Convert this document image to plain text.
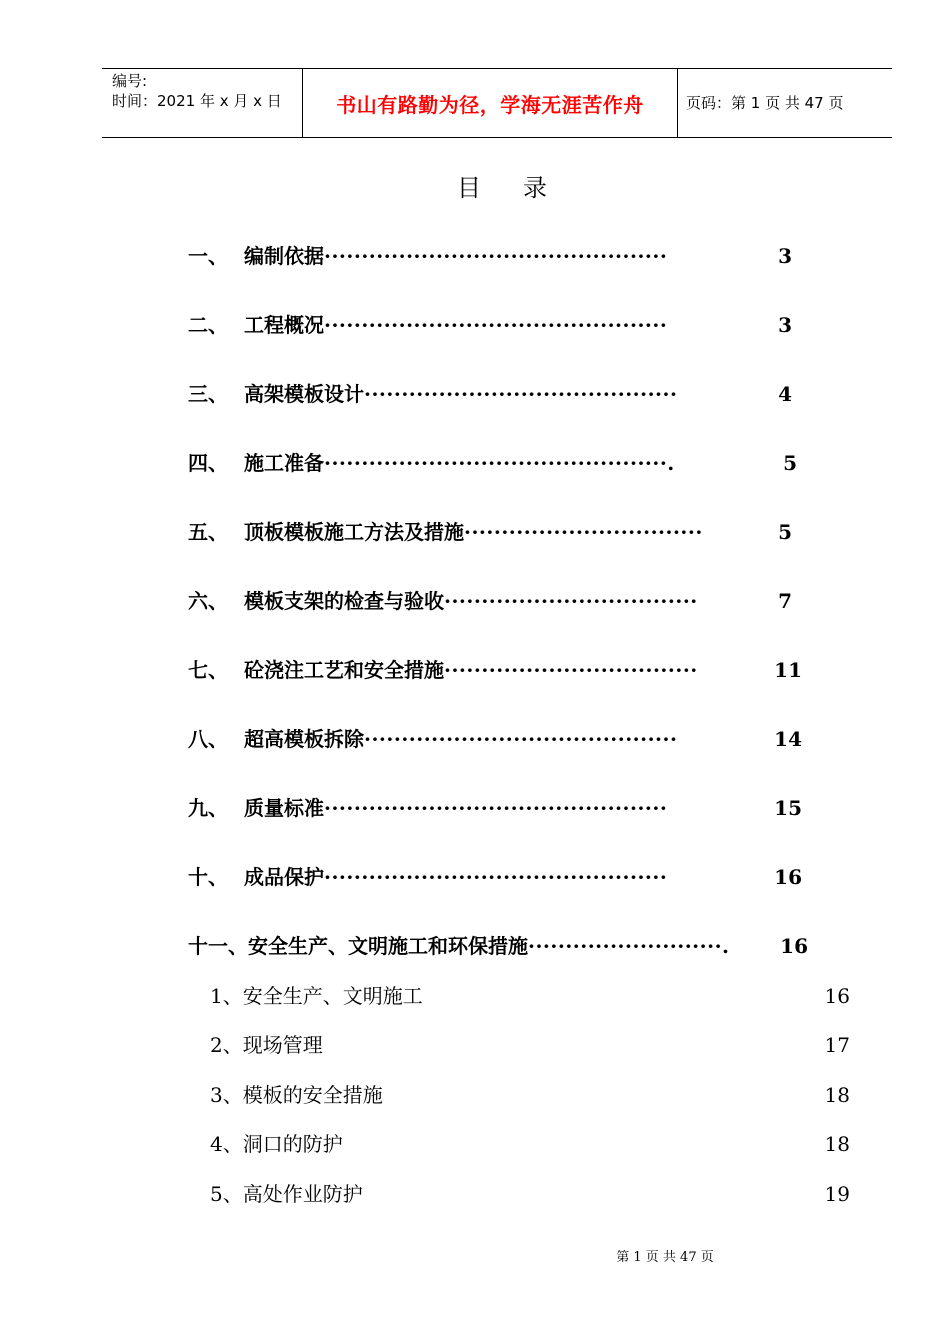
编号:
时间：2021 年 x 月 x 日	书山有路勤为径，学海无涯苦作舟	页码：第 1 页 共 47 页
目录
一、 编制依据 ··············································	3
二、 工程概况 ··············································	3
三、 高架模板设计 ··········································	4
四、 施工准备 ··············································.	5
五、 顶板模板施工方法及措施 ································	5
六、 模板支架的检查与验收 ··································	7
七、 砼浇注工艺和安全措施 ··································	11
八、 超高模板拆除 ··········································	14
九、 质量标准 ··············································	15
十、 成品保护 ··············································	16
十一、 安全生产、文明施工和环保措施 ··························.	16
1、安全生产、文明施工	16
2、现场管理	17
3、模板的安全措施	18
4、洞口的防护	18
5、高处作业防护	19
第 1 页 共 47 页
